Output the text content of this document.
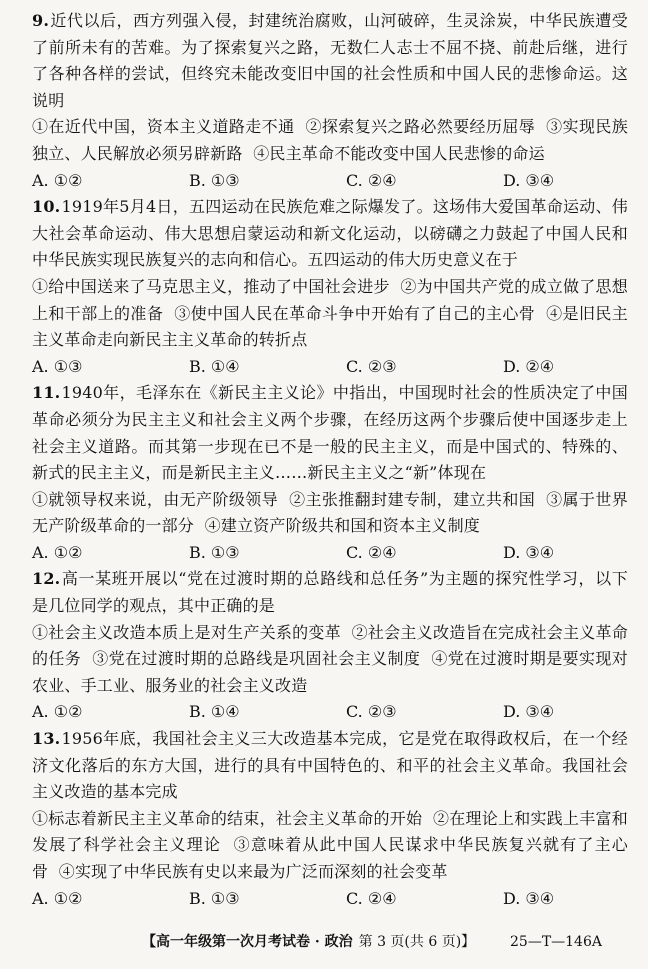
9.近代以后，西方列强入侵，封建统治腐败，山河破碎，生灵涂炭，中华民族遭受了前所未有的苦难。为了探索复兴之路，无数仁人志士不屈不挠、前赴后继，进行了各种各样的尝试，但终究未能改变旧中国的社会性质和中国人民的悲惨命运。这说明
①在近代中国，资本主义道路走不通 ②探索复兴之路必然要经历屈辱 ③实现民族独立、人民解放必须另辟新路 ④民主革命不能改变中国人民悲惨的命运
A. ①②	B. ①③	C. ②④	D. ③④
10.1919年5月4日，五四运动在民族危难之际爆发了。这场伟大爱国革命运动、伟大社会革命运动、伟大思想启蒙运动和新文化运动，以磅礴之力鼓起了中国人民和中华民族实现民族复兴的志向和信心。五四运动的伟大历史意义在于
①给中国送来了马克思主义，推动了中国社会进步 ②为中国共产党的成立做了思想上和干部上的准备 ③使中国人民在革命斗争中开始有了自己的主心骨 ④是旧民主主义革命走向新民主主义革命的转折点
A. ①③	B. ①④	C. ②③	D. ②④
11.1940年，毛泽东在《新民主主义论》中指出，中国现时社会的性质决定了中国革命必须分为民主主义和社会主义两个步骤，在经历这两个步骤后使中国逐步走上社会主义道路。而其第一步现在已不是一般的民主主义，而是中国式的、特殊的、新式的民主主义，而是新民主主义……新民主主义之“新”体现在
①就领导权来说，由无产阶级领导 ②主张推翻封建专制，建立共和国 ③属于世界无产阶级革命的一部分 ④建立资产阶级共和国和资本主义制度
A. ①②	B. ①③	C. ②④	D. ③④
12.高一某班开展以“党在过渡时期的总路线和总任务”为主题的探究性学习，以下是几位同学的观点，其中正确的是
①社会主义改造本质上是对生产关系的变革 ②社会主义改造旨在完成社会主义革命的任务 ③党在过渡时期的总路线是巩固社会主义制度 ④党在过渡时期是要实现对农业、手工业、服务业的社会主义改造
A. ①②	B. ①④	C. ②③	D. ③④
13.1956年底，我国社会主义三大改造基本完成，它是党在取得政权后，在一个经济文化落后的东方大国，进行的具有中国特色的、和平的社会主义革命。我国社会主义改造的基本完成
①标志着新民主主义革命的结束，社会主义革命的开始 ②在理论上和实践上丰富和发展了科学社会主义理论 ③意味着从此中国人民谋求中华民族复兴就有了主心骨 ④实现了中华民族有史以来最为广泛而深刻的社会变革
A. ①②	B. ①③	C. ②④	D. ③④
【高一年级第一次月考试卷 · 政治 第 3 页(共 6 页)】 25—T—146A
